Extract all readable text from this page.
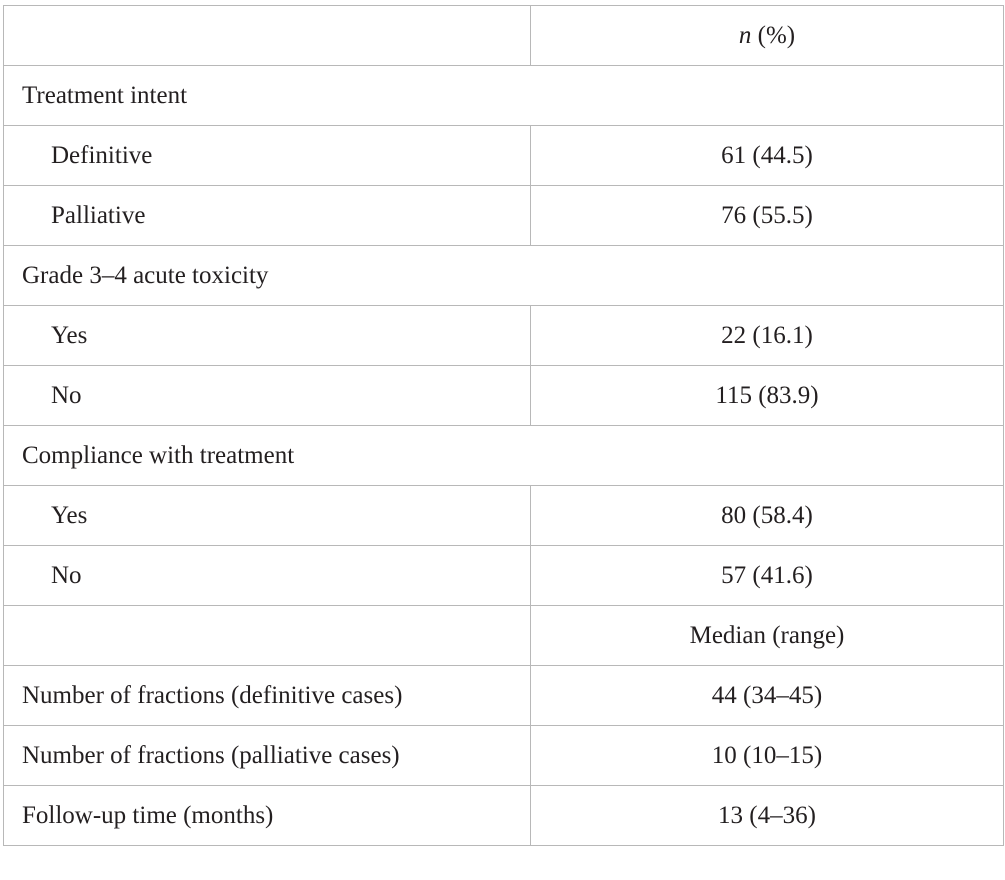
	n (%)
Treatment intent	
Definitive	61 (44.5)
Palliative	76 (55.5)
Grade 3–4 acute toxicity	
Yes	22 (16.1)
No	115 (83.9)
Compliance with treatment	
Yes	80 (58.4)
No	57 (41.6)
	Median (range)
Number of fractions (definitive cases)	44 (34–45)
Number of fractions (palliative cases)	10 (10–15)
Follow-up time (months)	13 (4–36)
